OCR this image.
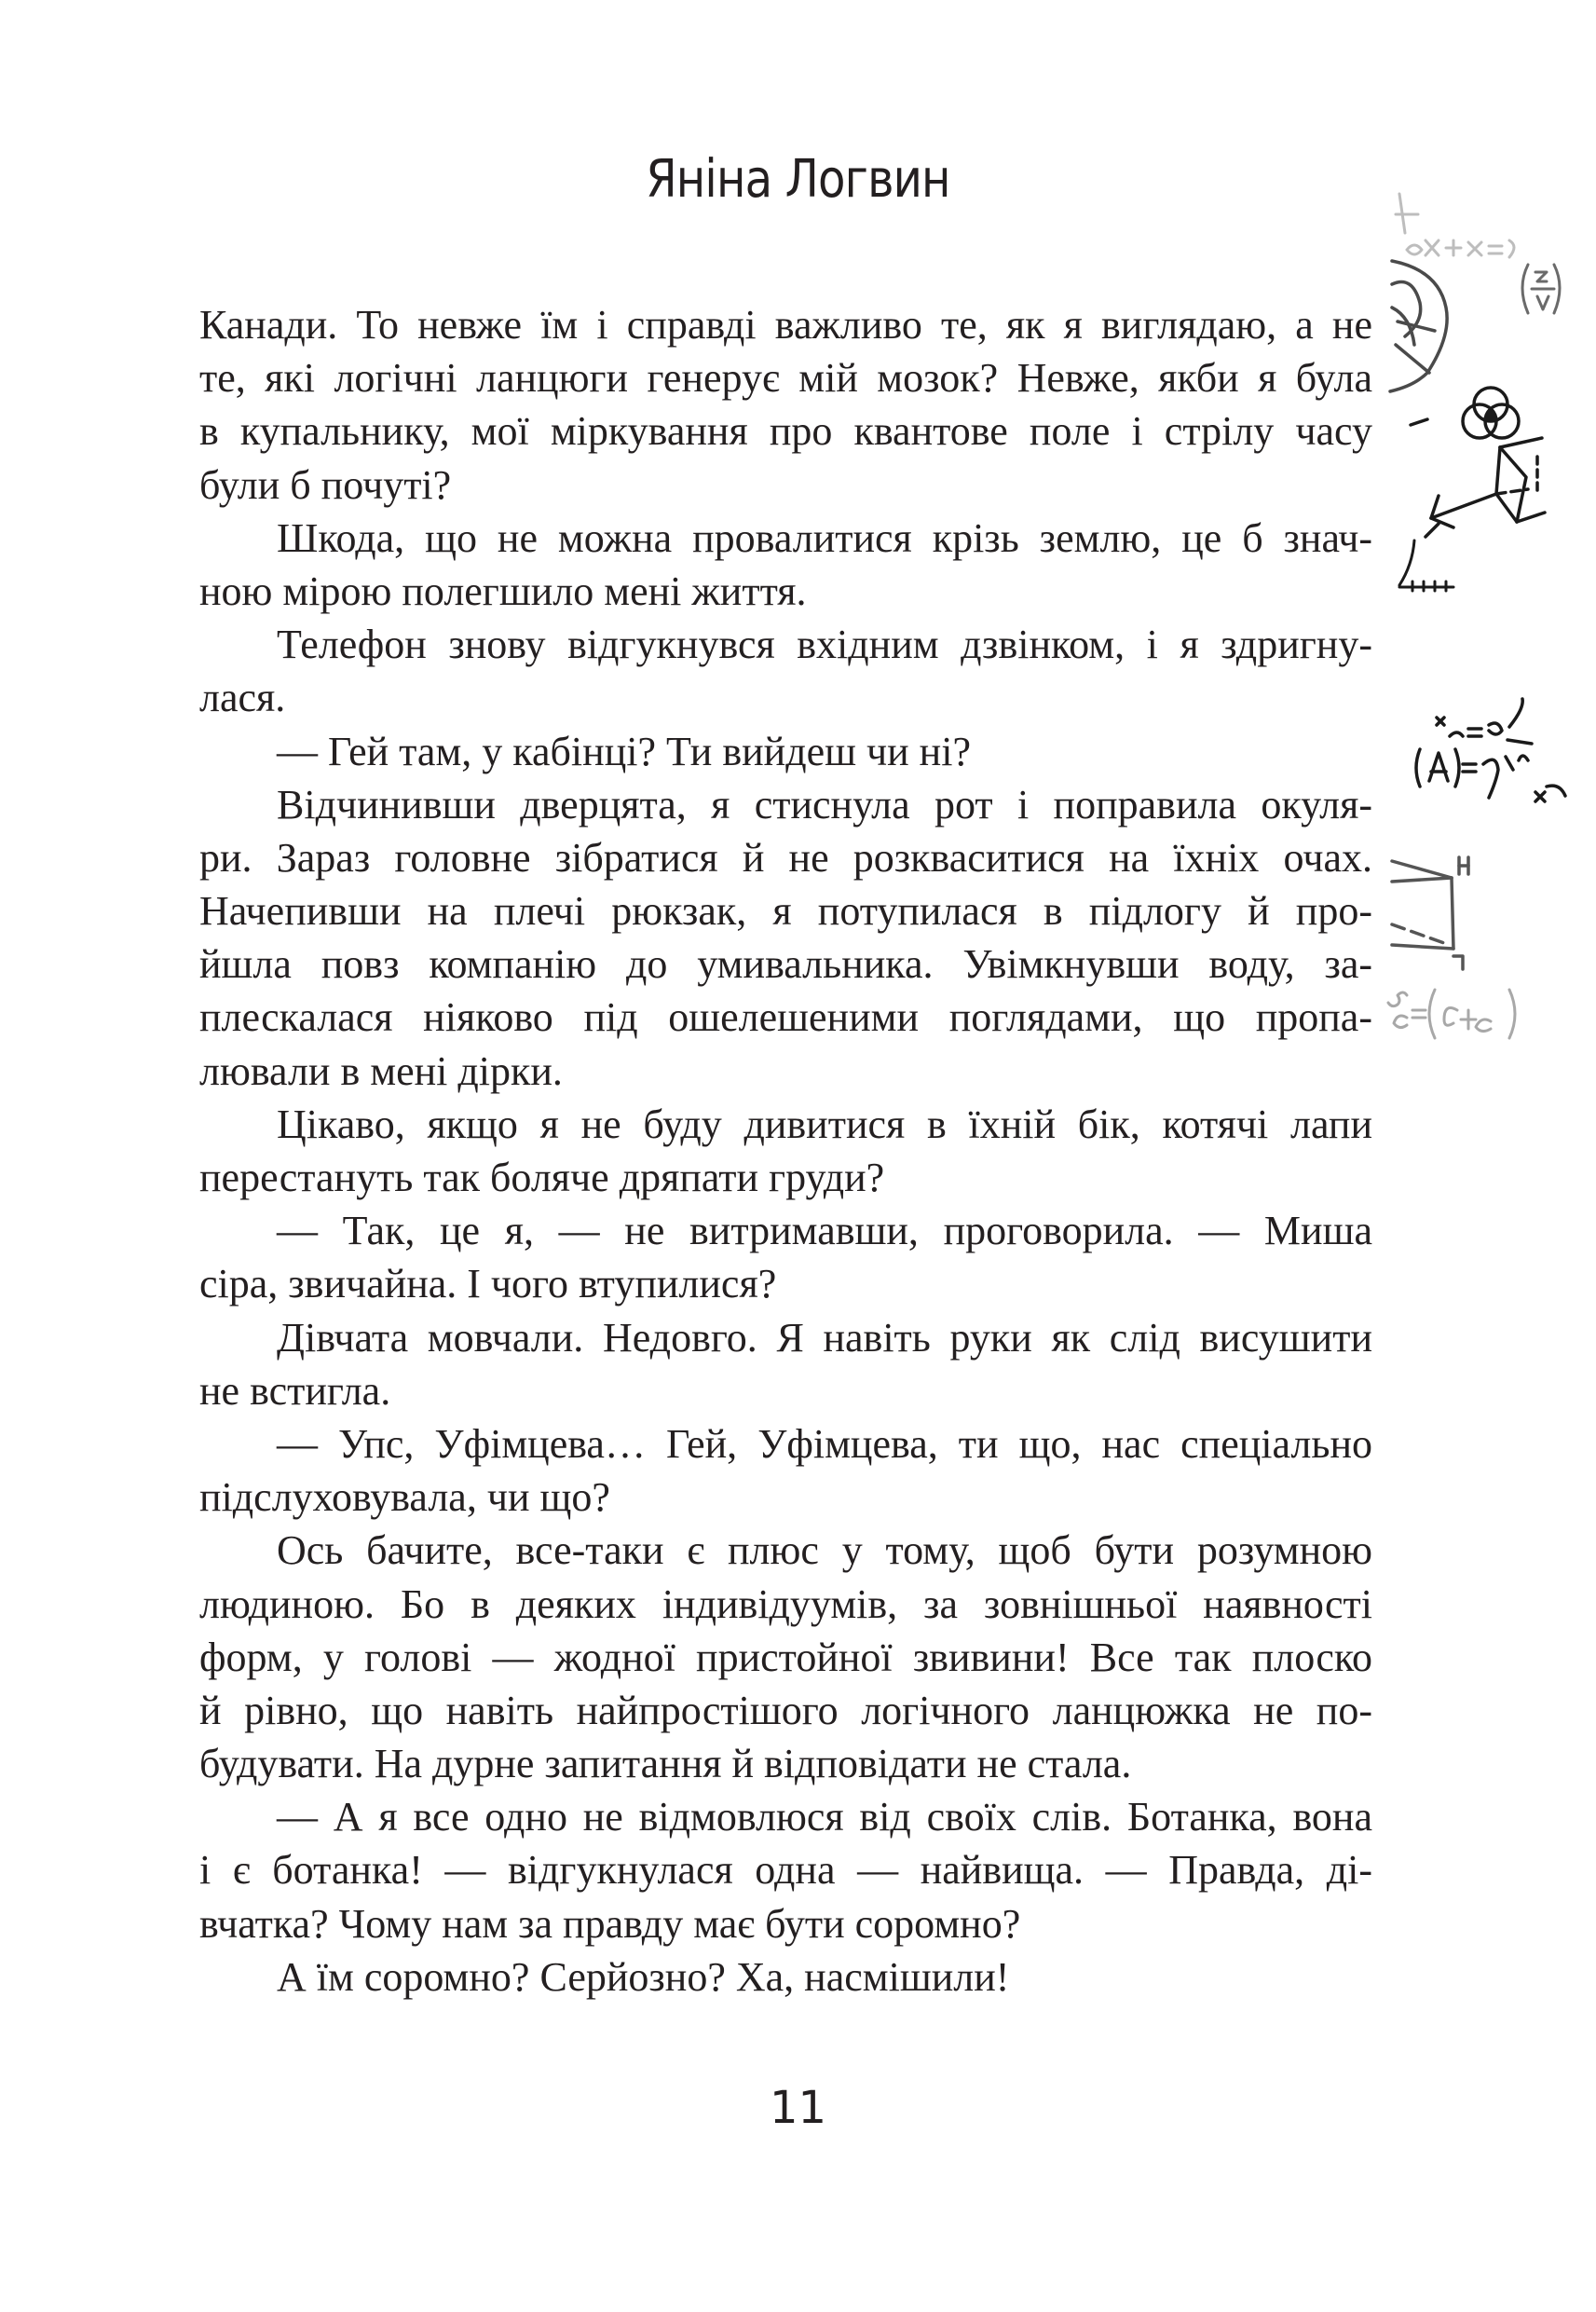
Яніна Логвин
Канади. То невже їм і справді важливо те, як я виглядаю, а не
те, які логічні ланцюги генерує мій мозок? Невже, якби я була
в купальнику, мої міркування про квантове поле і стрілу часу
були б почуті?
Шкода, що не можна провалитися крізь землю, це б знач-
ною мірою полегшило мені життя.
Телефон знову відгукнувся вхідним дзвінком, і я здригну-
лася.
— Гей там, у кабінці? Ти вийдеш чи ні?
Відчинивши дверцята, я стиснула рот і поправила окуля-
ри. Зараз головне зібратися й не розкваситися на їхніх очах.
Начепивши на плечі рюкзак, я потупилася в підлогу й про-
йшла повз компанію до умивальника. Увімкнувши воду, за-
плескалася ніяково під ошелешеними поглядами, що пропа-
лювали в мені дірки.
Цікаво, якщо я не буду дивитися в їхній бік, котячі лапи
перестануть так боляче дряпати груди?
— Так, це я, — не витримавши, проговорила. — Миша
сіра, звичайна. І чого втупилися?
Дівчата мовчали. Недовго. Я навіть руки як слід висушити
не встигла.
— Упс, Уфімцева… Гей, Уфімцева, ти що, нас спеціально
підслуховувала, чи що?
Ось бачите, все-таки є плюс у тому, щоб бути розумною
людиною. Бо в деяких індивідуумів, за зовнішньої наявності
форм, у голові — жодної пристойної звивини! Все так плоско
й рівно, що навіть найпростішого логічного ланцюжка не по-
будувати. На дурне запитання й відповідати не стала.
— А я все одно не відмовлюся від своїх слів. Ботанка, вона
і є ботанка! — відгукнулася одна — найвища. — Правда, ді-
вчатка? Чому нам за правду має бути соромно?
А їм соромно? Серйозно? Ха, насмішили!
11
